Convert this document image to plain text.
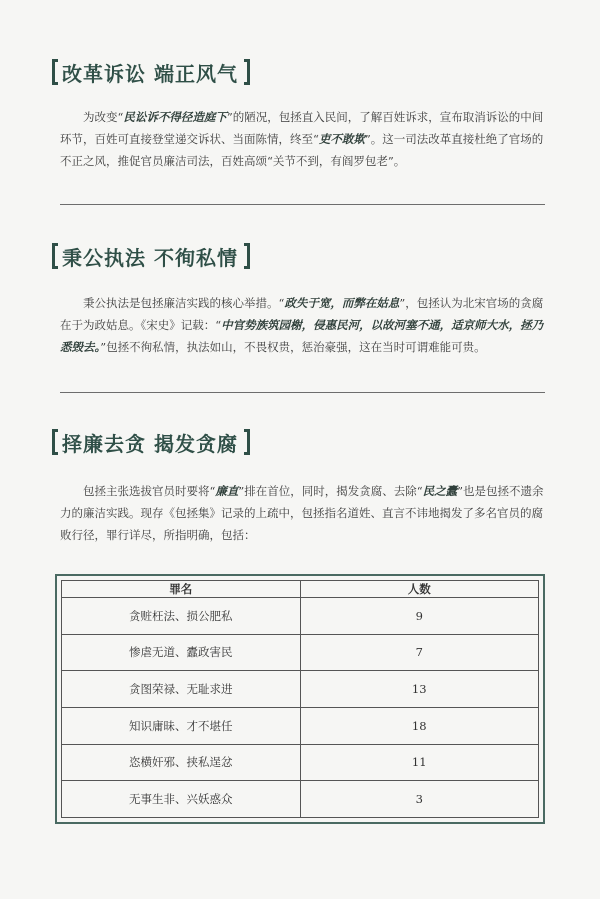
改革诉讼 端正风气

为改变“民讼诉不得径造庭下”的陋况，包拯直入民间，了解百姓诉求，宣布取消诉讼的中间环节，百姓可直接登堂递交诉状、当面陈情，终至“吏不敢欺”。这一司法改革直接杜绝了官场的不正之风，推促官员廉洁司法，百姓高颂“关节不到，有阎罗包老”。

秉公执法 不徇私情

秉公执法是包拯廉洁实践的核心举措。“政失于宽，而弊在姑息”，包拯认为北宋官场的贪腐在于为政姑息。《宋史》记载：“中官势族筑园榭，侵惠民河，以故河塞不通，适京师大水，拯乃悉毁去。”包拯不徇私情，执法如山，不畏权贵，惩治豪强，这在当时可谓难能可贵。

择廉去贪 揭发贪腐

包拯主张选拔官员时要将“廉直”排在首位，同时，揭发贪腐、去除“民之蠹”也是包拯不遗余力的廉洁实践。现存《包拯集》记录的上疏中，包拯指名道姓、直言不讳地揭发了多名官员的腐败行径，罪行详尽，所指明确，包括：

罪名	人数
贪赃枉法、损公肥私	9
惨虐无道、蠹政害民	7
贪图荣禄、无耻求进	13
知识庸昧、才不堪任	18
恣横奸邪、挟私逞忿	11
无事生非、兴妖惑众	3
